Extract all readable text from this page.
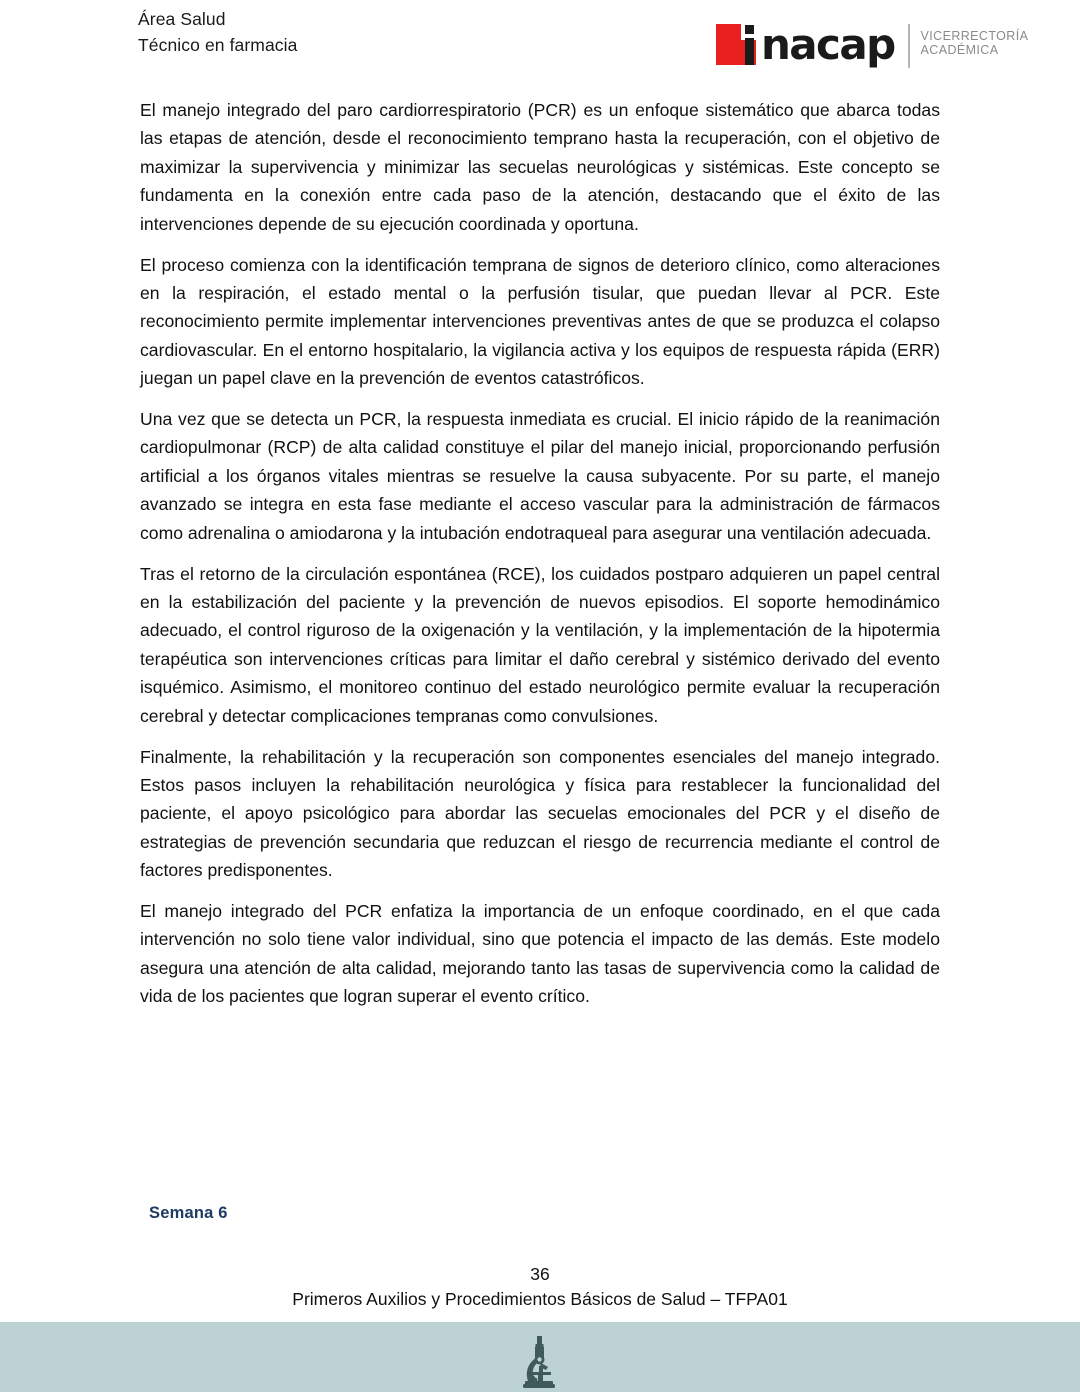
Área Salud
Técnico en farmacia	nacap VICERRECTORÍA
ACADÉMICA

El manejo integrado del paro cardiorrespiratorio (PCR) es un enfoque sistemático que abarca todas las etapas de atención, desde el reconocimiento temprano hasta la recuperación, con el objetivo de maximizar la supervivencia y minimizar las secuelas neurológicas y sistémicas. Este concepto se fundamenta en la conexión entre cada paso de la atención, destacando que el éxito de las intervenciones depende de su ejecución coordinada y oportuna.

El proceso comienza con la identificación temprana de signos de deterioro clínico, como alteraciones en la respiración, el estado mental o la perfusión tisular, que puedan llevar al PCR. Este reconocimiento permite implementar intervenciones preventivas antes de que se produzca el colapso cardiovascular. En el entorno hospitalario, la vigilancia activa y los equipos de respuesta rápida (ERR) juegan un papel clave en la prevención de eventos catastróficos.

Una vez que se detecta un PCR, la respuesta inmediata es crucial. El inicio rápido de la reanimación cardiopulmonar (RCP) de alta calidad constituye el pilar del manejo inicial, proporcionando perfusión artificial a los órganos vitales mientras se resuelve la causa subyacente. Por su parte, el manejo avanzado se integra en esta fase mediante el acceso vascular para la administración de fármacos como adrenalina o amiodarona y la intubación endotraqueal para asegurar una ventilación adecuada.

Tras el retorno de la circulación espontánea (RCE), los cuidados postparo adquieren un papel central en la estabilización del paciente y la prevención de nuevos episodios. El soporte hemodinámico adecuado, el control riguroso de la oxigenación y la ventilación, y la implementación de la hipotermia terapéutica son intervenciones críticas para limitar el daño cerebral y sistémico derivado del evento isquémico. Asimismo, el monitoreo continuo del estado neurológico permite evaluar la recuperación cerebral y detectar complicaciones tempranas como convulsiones.

Finalmente, la rehabilitación y la recuperación son componentes esenciales del manejo integrado. Estos pasos incluyen la rehabilitación neurológica y física para restablecer la funcionalidad del paciente, el apoyo psicológico para abordar las secuelas emocionales del PCR y el diseño de estrategias de prevención secundaria que reduzcan el riesgo de recurrencia mediante el control de factores predisponentes.

El manejo integrado del PCR enfatiza la importancia de un enfoque coordinado, en el que cada intervención no solo tiene valor individual, sino que potencia el impacto de las demás. Este modelo asegura una atención de alta calidad, mejorando tanto las tasas de supervivencia como la calidad de vida de los pacientes que logran superar el evento crítico.

Semana 6
36
Primeros Auxilios y Procedimientos Básicos de Salud – TFPA01
